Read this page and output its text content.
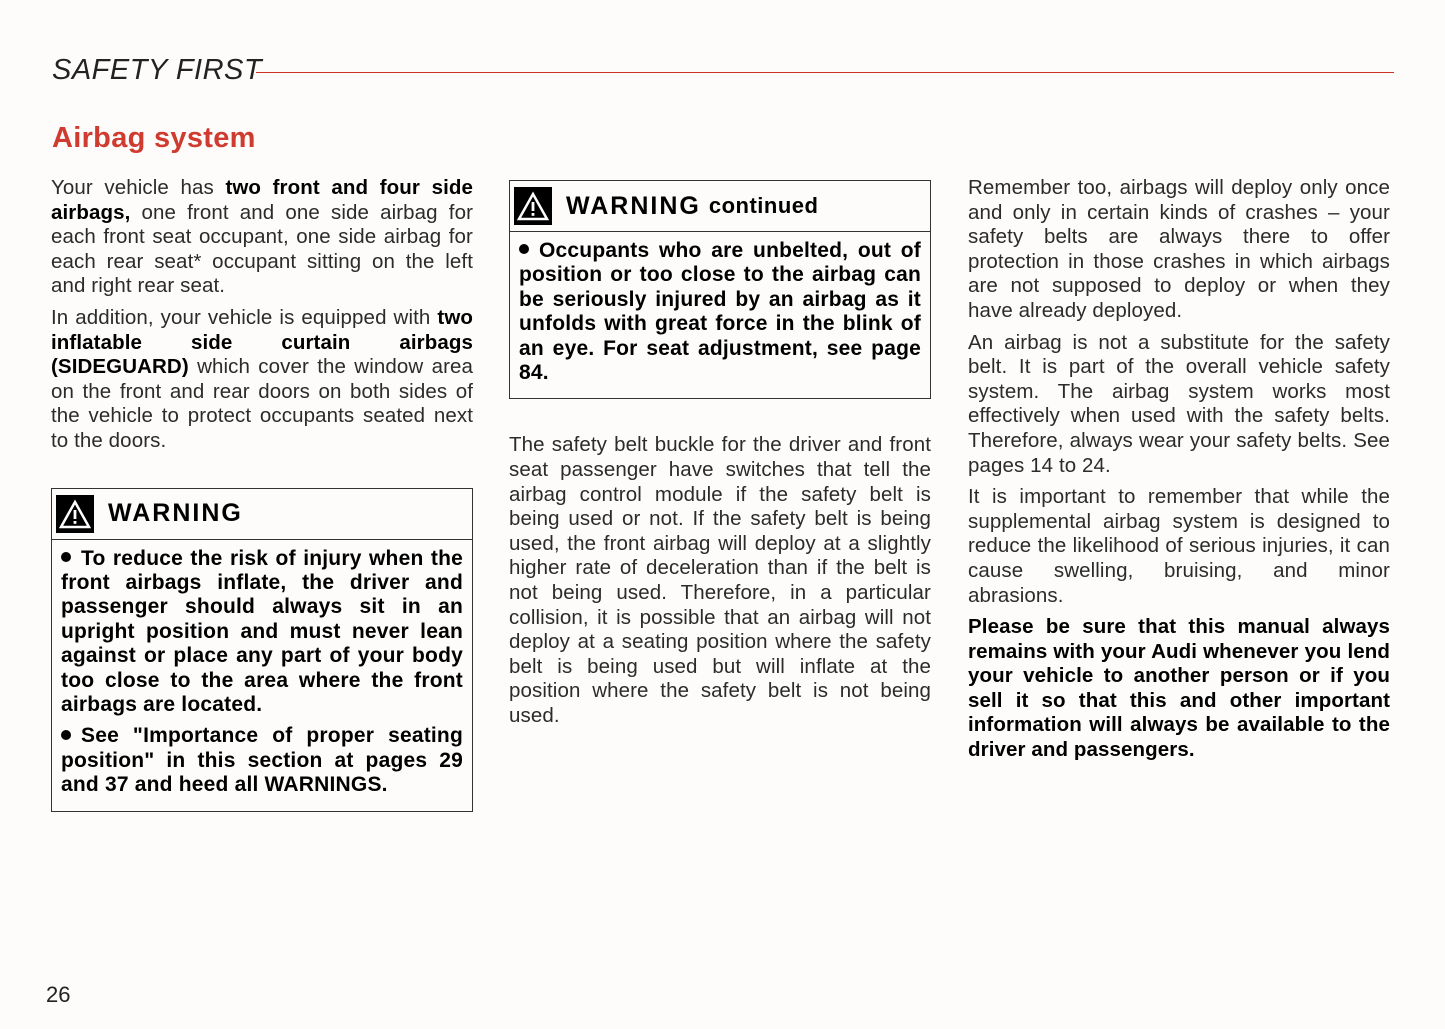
SAFETY FIRST
Airbag system

Your vehicle has two front and four side airbags, one front and one side airbag for each front seat occupant, one side airbag for each rear seat* occupant sitting on the left and right rear seat.

In addition, your vehicle is equipped with two inflatable side curtain airbags (SIDEGUARD) which cover the window area on the front and rear doors on both sides of the vehicle to protect occupants seated next to the doors.

WARNING

To reduce the risk of injury when the front airbags inflate, the driver and passenger should always sit in an upright position and must never lean against or place any part of your body too close to the area where the front airbags are located.

See "Importance of proper seating position" in this section at pages 29 and 37 and heed all WARNINGS.

WARNING continued

Occupants who are unbelted, out of position or too close to the airbag can be seriously injured by an airbag as it unfolds with great force in the blink of an eye. For seat adjustment, see page 84.

The safety belt buckle for the driver and front seat passenger have switches that tell the airbag control module if the safety belt is being used or not. If the safety belt is being used, the front airbag will deploy at a slightly higher rate of deceleration than if the belt is not being used. Therefore, in a particular collision, it is possible that an airbag will not deploy at a seating position where the safety belt is being used but will inflate at the position where the safety belt is not being used.

Remember too, airbags will deploy only once and only in certain kinds of crashes – your safety belts are always there to offer protection in those crashes in which airbags are not supposed to deploy or when they have already deployed.

An airbag is not a substitute for the safety belt. It is part of the overall vehicle safety system. The airbag system works most effectively when used with the safety belts. Therefore, always wear your safety belts. See pages 14 to 24.

It is important to remember that while the supplemental airbag system is designed to reduce the likelihood of serious injuries, it can cause swelling, bruising, and minor abrasions.

Please be sure that this manual always remains with your Audi whenever you lend your vehicle to another person or if you sell it so that this and other important information will always be available to the driver and passengers.

26
